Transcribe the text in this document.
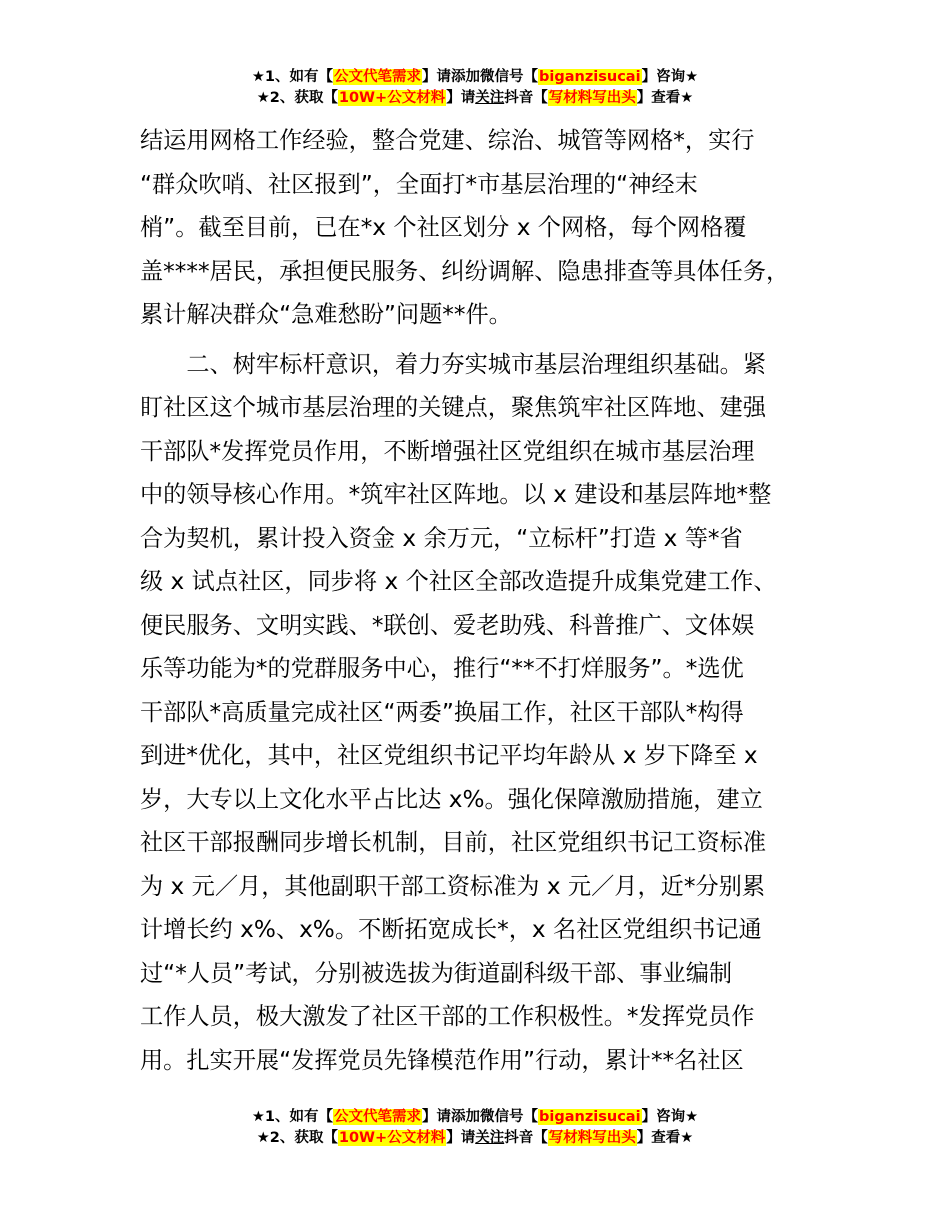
★1、如有【公文代笔需求】请添加微信号【biganzisucai】咨询★
★2、获取【10W+公文材料】请关注抖音【写材料写出头】查看★
结运用网格工作经验，整合党建、综治、城管等网格*，实行
“群众吹哨、社区报到”，全面打*市基层治理的“神经末
梢”。截至目前，已在*x 个社区划分 x 个网格，每个网格覆
盖****居民，承担便民服务、纠纷调解、隐患排查等具体任务，
累计解决群众“急难愁盼”问题**件。
　　二、树牢标杆意识，着力夯实城市基层治理组织基础。紧
盯社区这个城市基层治理的关键点，聚焦筑牢社区阵地、建强
干部队*发挥党员作用，不断增强社区党组织在城市基层治理
中的领导核心作用。*筑牢社区阵地。以 x 建设和基层阵地*整
合为契机，累计投入资金 x 余万元，“立标杆”打造 x 等*省
级 x 试点社区，同步将 x 个社区全部改造提升成集党建工作、
便民服务、文明实践、*联创、爱老助残、科普推广、文体娱
乐等功能为*的党群服务中心，推行“**不打烊服务”。*选优
干部队*高质量完成社区“两委”换届工作，社区干部队*构得
到进*优化，其中，社区党组织书记平均年龄从 x 岁下降至 x
岁，大专以上文化水平占比达 x%。强化保障激励措施，建立
社区干部报酬同步增长机制，目前，社区党组织书记工资标准
为 x 元／月，其他副职干部工资标准为 x 元／月，近*分别累
计增长约 x%、x%。不断拓宽成长*，x 名社区党组织书记通
过“*人员”考试，分别被选拔为街道副科级干部、事业编制
工作人员，极大激发了社区干部的工作积极性。*发挥党员作
用。扎实开展“发挥党员先锋模范作用”行动，累计**名社区
★1、如有【公文代笔需求】请添加微信号【biganzisucai】咨询★
★2、获取【10W+公文材料】请关注抖音【写材料写出头】查看★
